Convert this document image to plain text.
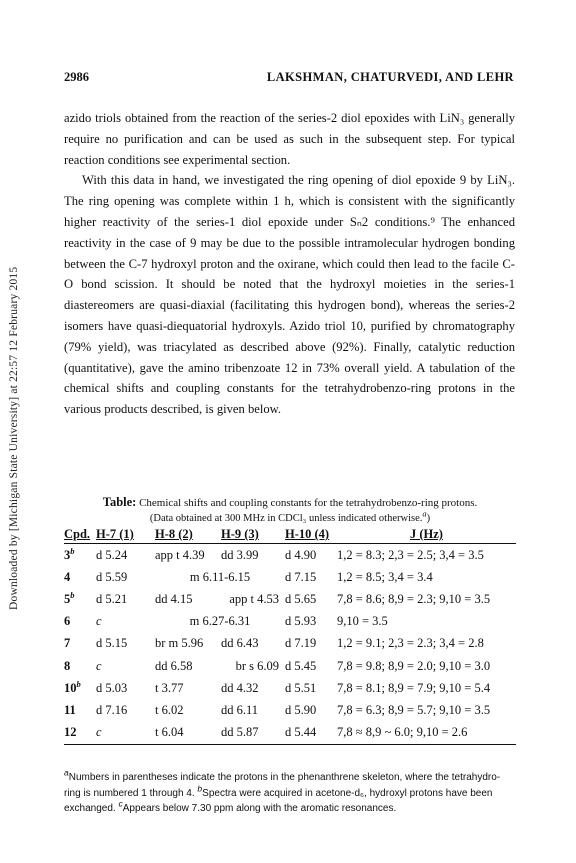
Downloaded by [Michigan State University] at 22:57 12 February 2015
2986	LAKSHMAN, CHATURVEDI, AND LEHR

azido triols obtained from the reaction of the series-2 diol epoxides with LiN₃ generally require no purification and can be used as such in the subsequent step. For typical reaction conditions see experimental section.

With this data in hand, we investigated the ring opening of diol epoxide 9 by LiN₃. The ring opening was complete within 1 h, which is consistent with the significantly higher reactivity of the series-1 diol epoxide under Sₙ2 conditions.⁹ The enhanced reactivity in the case of 9 may be due to the possible intramolecular hydrogen bonding between the C-7 hydroxyl proton and the oxirane, which could then lead to the facile C-O bond scission. It should be noted that the hydroxyl moieties in the series-1 diastereomers are quasi-diaxial (facilitating this hydrogen bond), whereas the series-2 isomers have quasi-diequatorial hydroxyls. Azido triol 10, purified by chromatography (79% yield), was triacylated as described above (92%). Finally, catalytic reduction (quantitative), gave the amino tribenzoate 12 in 73% overall yield. A tabulation of the chemical shifts and coupling constants for the tetrahydrobenzo-ring protons in the various products described, is given below.

Table: Chemical shifts and coupling constants for the tetrahydrobenzo-ring protons.
(Data obtained at 300 MHz in CDCl₃ unless indicated otherwise.$^a$)
Cpd.	H-7 (1)	H-8 (2)	H-9 (3)	H-10 (4)	J (Hz)
3$^b$	d 5.24	app t 4.39	dd 3.99	d 4.90	1,2 = 8.3; 2,3 = 2.5; 3,4 = 3.5
4	d 5.59	m 6.11-6.15		d 7.15	1,2 = 8.5; 3,4 = 3.4
5$^b$	d 5.21	dd 4.15	app t 4.53	d 5.65	7,8 = 8.6; 8,9 = 2.3; 9,10 = 3.5
6	c	m 6.27-6.31		d 5.93	9,10 = 3.5
7	d 5.15	br m 5.96	dd 6.43	d 7.19	1,2 = 9.1; 2,3 = 2.3; 3,4 = 2.8
8	c	dd 6.58	br s 6.09	d 5.45	7,8 = 9.8; 8,9 = 2.0; 9,10 = 3.0
10$^b$	d 5.03	t 3.77	dd 4.32	d 5.51	7,8 = 8.1; 8,9 = 7.9; 9,10 = 5.4
11	d 7.16	t 6.02	dd 6.11	d 5.90	7,8 = 6.3; 8,9 = 5.7; 9,10 = 3.5
12	c	t 6.04	dd 5.87	d 5.44	7,8 ≈ 8,9 ~ 6.0; 9,10 = 2.6
$^a$Numbers in parentheses indicate the protons in the phenanthrene skeleton, where the tetrahydro-ring is numbered 1 through 4. $^b$Spectra were acquired in acetone-d₆, hydroxyl protons have been exchanged. $^c$Appears below 7.30 ppm along with the aromatic resonances.
